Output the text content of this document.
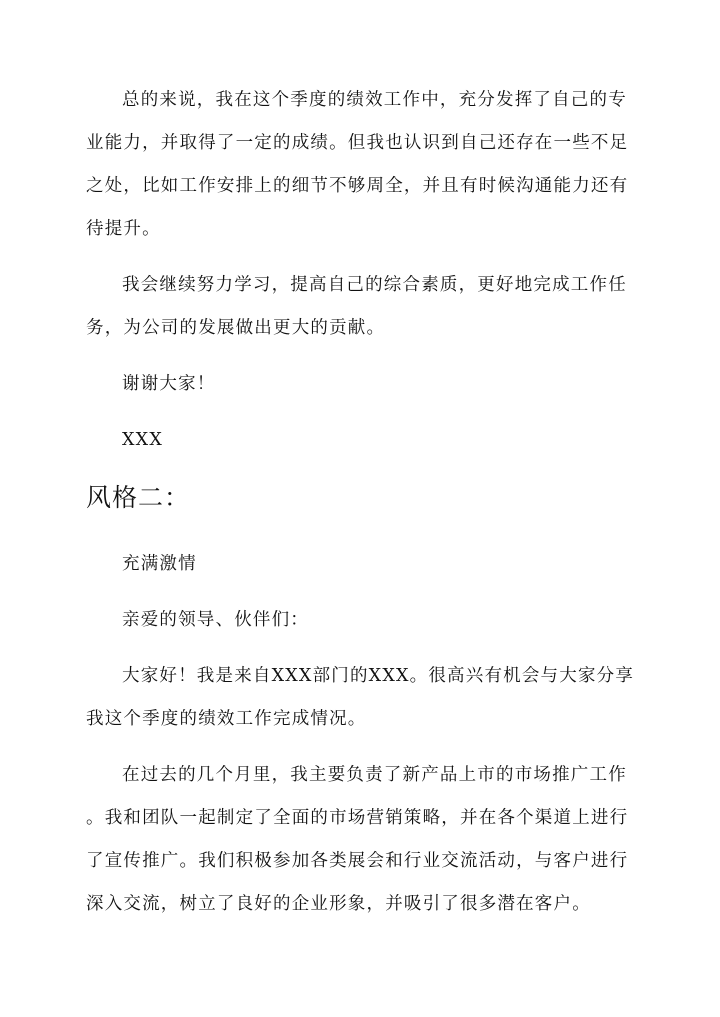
总的来说，我在这个季度的绩效工作中，充分发挥了自己的专
业能力，并取得了一定的成绩。但我也认识到自己还存在一些不足
之处，比如工作安排上的细节不够周全，并且有时候沟通能力还有
待提升。
我会继续努力学习，提高自己的综合素质，更好地完成工作任
务，为公司的发展做出更大的贡献。
谢谢大家！
XXX
风格二：
充满激情
亲爱的领导、伙伴们：
大家好！我是来自XXX部门的XXX。很高兴有机会与大家分享
我这个季度的绩效工作完成情况。
在过去的几个月里，我主要负责了新产品上市的市场推广工作
。我和团队一起制定了全面的市场营销策略，并在各个渠道上进行
了宣传推广。我们积极参加各类展会和行业交流活动，与客户进行
深入交流，树立了良好的企业形象，并吸引了很多潜在客户。
